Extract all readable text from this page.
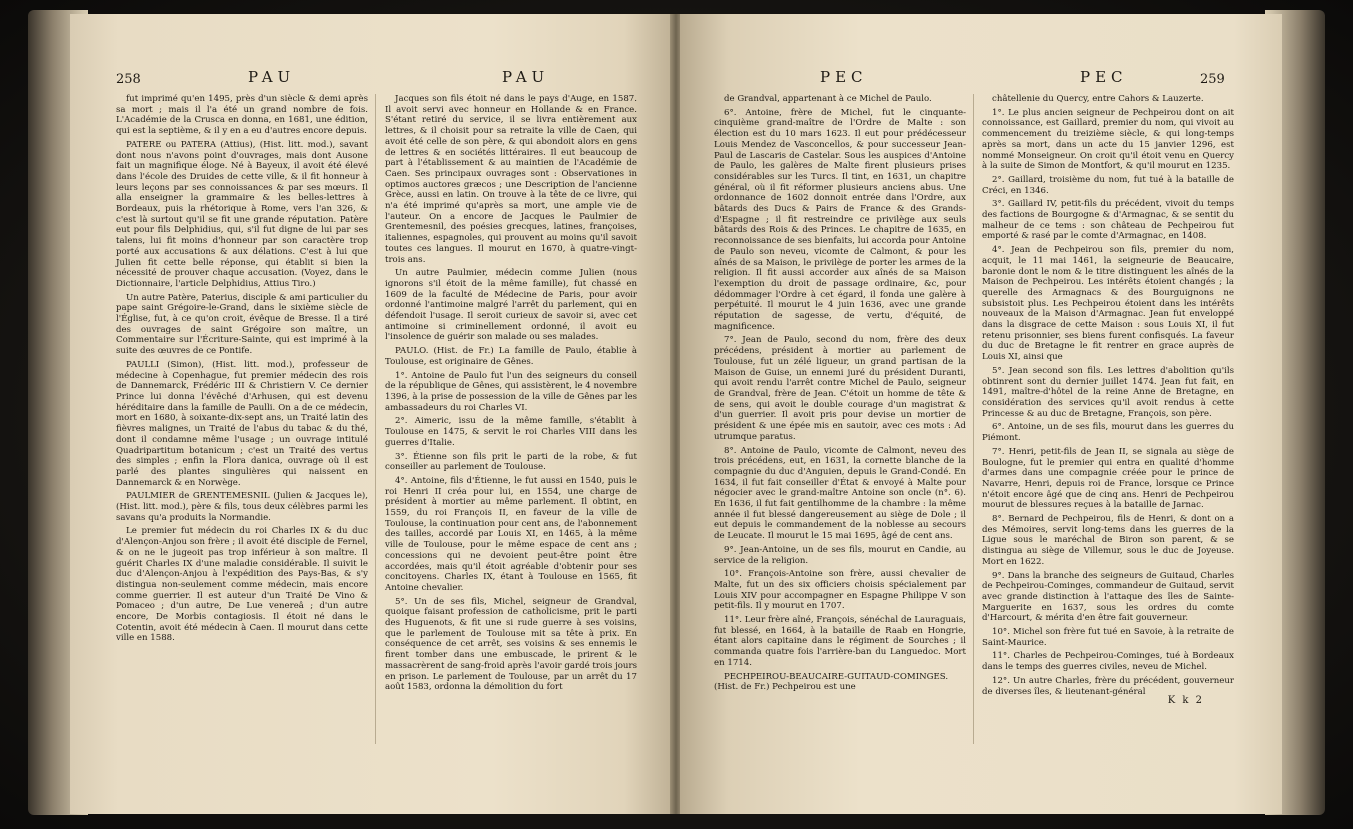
258	PAU	PAU

fut imprimé qu'en 1495, près d'un siècle & demi après sa mort ; mais il l'a été un grand nombre de fois. L'Académie de la Crusca en donna, en 1681, une édition, qui est la septième, & il y en a eu d'autres encore depuis.

PATERE ou PATERA (Attius), (Hist. litt. mod.), savant dont nous n'avons point d'ouvrages, mais dont Ausone fait un magnifique éloge. Né à Bayeux, il avoit été élevé dans l'école des Druides de cette ville, & il fit honneur à leurs leçons par ses connoissances & par ses mœurs. Il alla enseigner la grammaire & les belles-lettres à Bordeaux, puis la rhétorique à Rome, vers l'an 326, & c'est là surtout qu'il se fit une grande réputation. Patère eut pour fils Delphidius, qui, s'il fut digne de lui par ses talens, lui fit moins d'honneur par son caractère trop porté aux accusations & aux délations. C'est à lui que Julien fit cette belle réponse, qui établit si bien la nécessité de prouver chaque accusation. (Voyez, dans le Dictionnaire, l'article Delphidius, Attius Tiro.)

Un autre Patère, Paterius, disciple & ami particulier du pape saint Grégoire-le-Grand, dans le sixième siècle de l'Église, fut, à ce qu'on croit, évêque de Bresse. Il a tiré des ouvrages de saint Grégoire son maître, un Commentaire sur l'Écriture-Sainte, qui est imprimé à la suite des œuvres de ce Pontife.

PAULLI (Simon), (Hist. litt. mod.), professeur de médecine à Copenhague, fut premier médecin des rois de Dannemarck, Frédéric III & Christiern V. Ce dernier Prince lui donna l'évêché d'Arhusen, qui est devenu héréditaire dans la famille de Paulli. On a de ce médecin, mort en 1680, à soixante-dix-sept ans, un Traité latin des fièvres malignes, un Traité de l'abus du tabac & du thé, dont il condamne même l'usage ; un ouvrage intitulé Quadripartitum botanicum ; c'est un Traité des vertus des simples ; enfin la Flora danica, ouvrage où il est parlé des plantes singulières qui naissent en Dannemarck & en Norwège.

PAULMIER de GRENTEMESNIL (Julien & Jacques le), (Hist. litt. mod.), père & fils, tous deux célèbres parmi les savans qu'a produits la Normandie.

Le premier fut médecin du roi Charles IX & du duc d'Alençon-Anjou son frère ; il avoit été disciple de Fernel, & on ne le jugeoit pas trop inférieur à son maître. Il guérit Charles IX d'une maladie considérable. Il suivit le duc d'Alençon-Anjou à l'expédition des Pays-Bas, & s'y distingua non-seulement comme médecin, mais encore comme guerrier. Il est auteur d'un Traité De Vino & Pomaceo ; d'un autre, De Lue venereâ ; d'un autre encore, De Morbis contagiosis. Il étoit né dans le Cotentin, avoit été médecin à Caen. Il mourut dans cette ville en 1588.

Jacques son fils étoit né dans le pays d'Auge, en 1587. Il avoit servi avec honneur en Hollande & en France. S'étant retiré du service, il se livra entièrement aux lettres, & il choisit pour sa retraite la ville de Caen, qui avoit été celle de son père, & qui abondoit alors en gens de lettres & en sociétés littéraires. Il eut beaucoup de part à l'établissement & au maintien de l'Académie de Caen. Ses principaux ouvrages sont : Observationes in optimos auctores græcos ; une Description de l'ancienne Grèce, aussi en latin. On trouve à la tête de ce livre, qui n'a été imprimé qu'après sa mort, une ample vie de l'auteur. On a encore de Jacques le Paulmier de Grentemesnil, des poésies grecques, latines, françoises, italiennes, espagnoles, qui prouvent au moins qu'il savoit toutes ces langues. Il mourut en 1670, à quatre-vingt-trois ans.

Un autre Paulmier, médecin comme Julien (nous ignorons s'il étoit de la même famille), fut chassé en 1609 de la faculté de Médecine de Paris, pour avoir ordonné l'antimoine malgré l'arrêt du parlement, qui en défendoit l'usage. Il seroit curieux de savoir si, avec cet antimoine si criminellement ordonné, il avoit eu l'insolence de guérir son malade ou ses malades.

PAULO. (Hist. de Fr.) La famille de Paulo, établie à Toulouse, est originaire de Gênes.

1°. Antoine de Paulo fut l'un des seigneurs du conseil de la république de Gênes, qui assistèrent, le 4 novembre 1396, à la prise de possession de la ville de Gênes par les ambassadeurs du roi Charles VI.

2°. Aimeric, issu de la même famille, s'établit à Toulouse en 1475, & servit le roi Charles VIII dans les guerres d'Italie.

3°. Étienne son fils prit le parti de la robe, & fut conseiller au parlement de Toulouse.

4°. Antoine, fils d'Étienne, le fut aussi en 1540, puis le roi Henri II créa pour lui, en 1554, une charge de président à mortier au même parlement. Il obtint, en 1559, du roi François II, en faveur de la ville de Toulouse, la continuation pour cent ans, de l'abonnement des tailles, accordé par Louis XI, en 1465, à la même ville de Toulouse, pour le même espace de cent ans ; concessions qui ne devoient peut-être point être accordées, mais qu'il étoit agréable d'obtenir pour ses concitoyens. Charles IX, étant à Toulouse en 1565, fit Antoine chevalier.

5°. Un de ses fils, Michel, seigneur de Grandval, quoique faisant profession de catholicisme, prit le parti des Huguenots, & fit une si rude guerre à ses voisins, que le parlement de Toulouse mit sa tête à prix. En conséquence de cet arrêt, ses voisins & ses ennemis le firent tomber dans une embuscade, le prirent & le massacrèrent de sang-froid après l'avoir gardé trois jours en prison. Le parlement de Toulouse, par un arrêt du 17 août 1583, ordonna la démolition du fort

PEC	PEC	259

de Grandval, appartenant à ce Michel de Paulo.

6°. Antoine, frère de Michel, fut le cinquante-cinquième grand-maître de l'Ordre de Malte : son élection est du 10 mars 1623. Il eut pour prédécesseur Louis Mendez de Vasconcellos, & pour successeur Jean-Paul de Lascaris de Castelar. Sous les auspices d'Antoine de Paulo, les galères de Malte firent plusieurs prises considérables sur les Turcs. Il tint, en 1631, un chapitre général, où il fit réformer plusieurs anciens abus. Une ordonnance de 1602 donnoit entrée dans l'Ordre, aux bâtards des Ducs & Pairs de France & des Grands-d'Espagne ; il fit restreindre ce privilège aux seuls bâtards des Rois & des Princes. Le chapitre de 1635, en reconnoissance de ses bienfaits, lui accorda pour Antoine de Paulo son neveu, vicomte de Calmont, & pour les aînés de sa Maison, le privilège de porter les armes de la religion. Il fit aussi accorder aux aînés de sa Maison l'exemption du droit de passage ordinaire, &c, pour dédommager l'Ordre à cet égard, il fonda une galère à perpétuité. Il mourut le 4 juin 1636, avec une grande réputation de sagesse, de vertu, d'équité, de magnificence.

7°. Jean de Paulo, second du nom, frère des deux précédens, président à mortier au parlement de Toulouse, fut un zélé ligueur, un grand partisan de la Maison de Guise, un ennemi juré du président Duranti, qui avoit rendu l'arrêt contre Michel de Paulo, seigneur de Grandval, frère de Jean. C'étoit un homme de tête & de sens, qui avoit le double courage d'un magistrat & d'un guerrier. Il avoit pris pour devise un mortier de président & une épée mis en sautoir, avec ces mots : Ad utrumque paratus.

8°. Antoine de Paulo, vicomte de Calmont, neveu des trois précédens, eut, en 1631, la cornette blanche de la compagnie du duc d'Anguien, depuis le Grand-Condé. En 1634, il fut fait conseiller d'État & envoyé à Malte pour négocier avec le grand-maître Antoine son oncle (n°. 6). En 1636, il fut fait gentilhomme de la chambre : la même année il fut blessé dangereusement au siège de Dole ; il eut depuis le commandement de la noblesse au secours de Leucate. Il mourut le 15 mai 1695, âgé de cent ans.

9°. Jean-Antoine, un de ses fils, mourut en Candie, au service de la religion.

10°. François-Antoine son frère, aussi chevalier de Malte, fut un des six officiers choisis spécialement par Louis XIV pour accompagner en Espagne Philippe V son petit-fils. Il y mourut en 1707.

11°. Leur frère aîné, François, sénéchal de Lauraguais, fut blessé, en 1664, à la bataille de Raab en Hongrie, étant alors capitaine dans le régiment de Sourches ; il commanda quatre fois l'arrière-ban du Languedoc. Mort en 1714.

PECHPEIROU-BEAUCAIRE-GUITAUD-COMINGES. (Hist. de Fr.) Pechpeirou est une

châtellenie du Quercy, entre Cahors & Lauzerte.

1°. Le plus ancien seigneur de Pechpeirou dont on ait connoissance, est Gaillard, premier du nom, qui vivoit au commencement du treizième siècle, & qui long-temps après sa mort, dans un acte du 15 janvier 1296, est nommé Monseigneur. On croit qu'il étoit venu en Quercy à la suite de Simon de Montfort, & qu'il mourut en 1235.

2°. Gaillard, troisième du nom, fut tué à la bataille de Créci, en 1346.

3°. Gaillard IV, petit-fils du précédent, vivoit du temps des factions de Bourgogne & d'Armagnac, & se sentit du malheur de ce tems : son château de Pechpeirou fut emporté & rasé par le comte d'Armagnac, en 1408.

4°. Jean de Pechpeirou son fils, premier du nom, acquit, le 11 mai 1461, la seigneurie de Beaucaire, baronie dont le nom & le titre distinguent les aînés de la Maison de Pechpeirou. Les intérêts étoient changés ; la querelle des Armagnacs & des Bourguignons ne subsistoit plus. Les Pechpeirou étoient dans les intérêts nouveaux de la Maison d'Armagnac. Jean fut enveloppé dans la disgrace de cette Maison : sous Louis XI, il fut retenu prisonnier, ses biens furent confisqués. La faveur du duc de Bretagne le fit rentrer en grace auprès de Louis XI, ainsi que

5°. Jean second son fils. Les lettres d'abolition qu'ils obtinrent sont du dernier juillet 1474. Jean fut fait, en 1491, maître-d'hôtel de la reine Anne de Bretagne, en considération des services qu'il avoit rendus à cette Princesse & au duc de Bretagne, François, son père.

6°. Antoine, un de ses fils, mourut dans les guerres du Piémont.

7°. Henri, petit-fils de Jean II, se signala au siège de Boulogne, fut le premier qui entra en qualité d'homme d'armes dans une compagnie créée pour le prince de Navarre, Henri, depuis roi de France, lorsque ce Prince n'étoit encore âgé que de cinq ans. Henri de Pechpeirou mourut de blessures reçues à la bataille de Jarnac.

8°. Bernard de Pechpeirou, fils de Henri, & dont on a des Mémoires, servit long-tems dans les guerres de la Ligue sous le maréchal de Biron son parent, & se distingua au siège de Villemur, sous le duc de Joyeuse. Mort en 1622.

9°. Dans la branche des seigneurs de Guitaud, Charles de Pechpeirou-Cominges, commandeur de Guitaud, servit avec grande distinction à l'attaque des îles de Sainte-Marguerite en 1637, sous les ordres du comte d'Harcourt, & mérita d'en être fait gouverneur.

10°. Michel son frère fut tué en Savoie, à la retraite de Saint-Maurice.

11°. Charles de Pechpeirou-Cominges, tué à Bordeaux dans le temps des guerres civiles, neveu de Michel.

12°. Un autre Charles, frère du précédent, gouverneur de diverses îles, & lieutenant-général

K k 2
